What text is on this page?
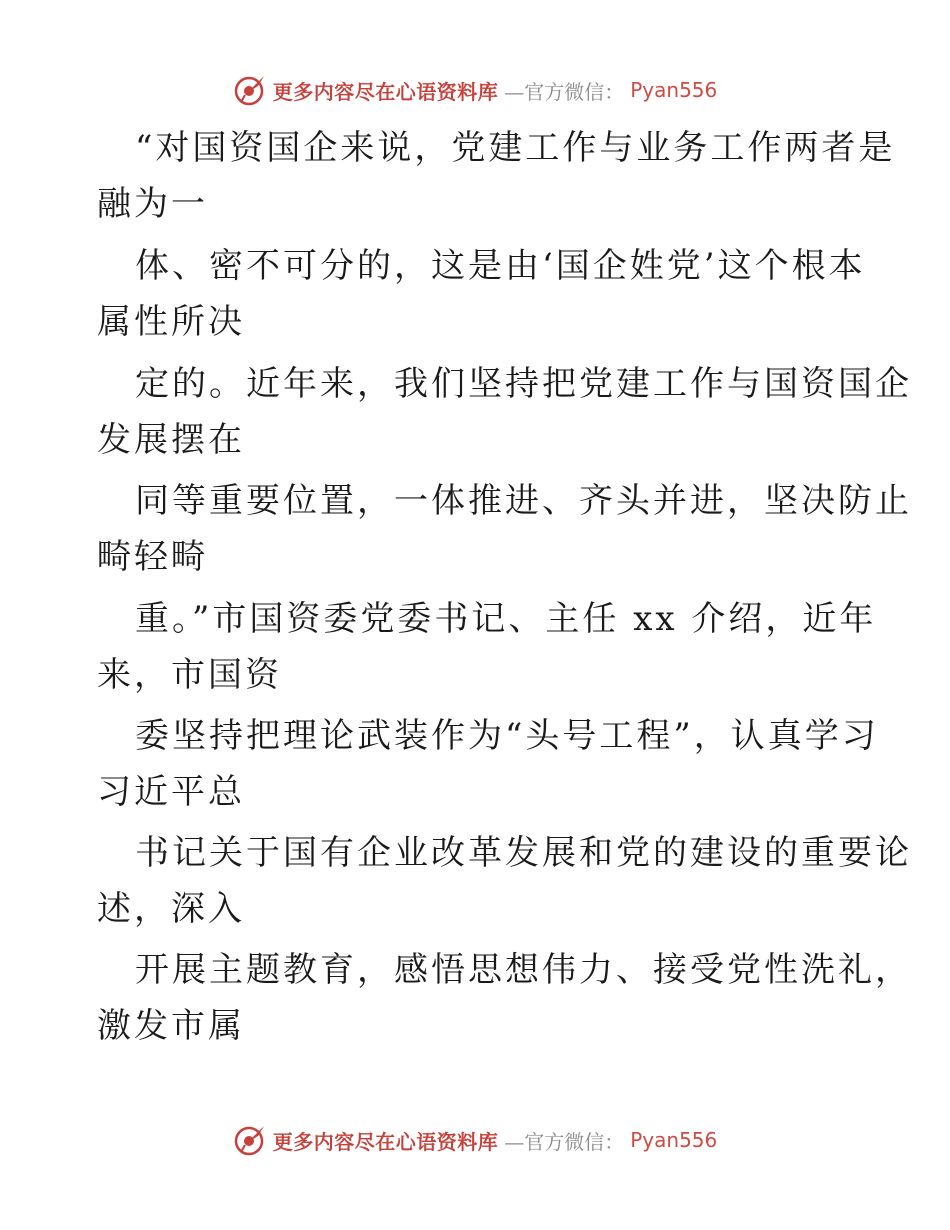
更多内容尽在心语资料库 —官方微信： Pyan556
“对国资国企来说，党建工作与业务工作两者是
融为一
体、密不可分的，这是由‘国企姓党’这个根本
属性所决
定的。近年来，我们坚持把党建工作与国资国企
发展摆在
同等重要位置，一体推进、齐头并进，坚决防止
畸轻畸
重。”市国资委党委书记、主任 xx 介绍，近年
来，市国资
委坚持把理论武装作为“头号工程”，认真学习
习近平总
书记关于国有企业改革发展和党的建设的重要论
述，深入
开展主题教育，感悟思想伟力、接受党性洗礼，
激发市属
更多内容尽在心语资料库 —官方微信： Pyan556
